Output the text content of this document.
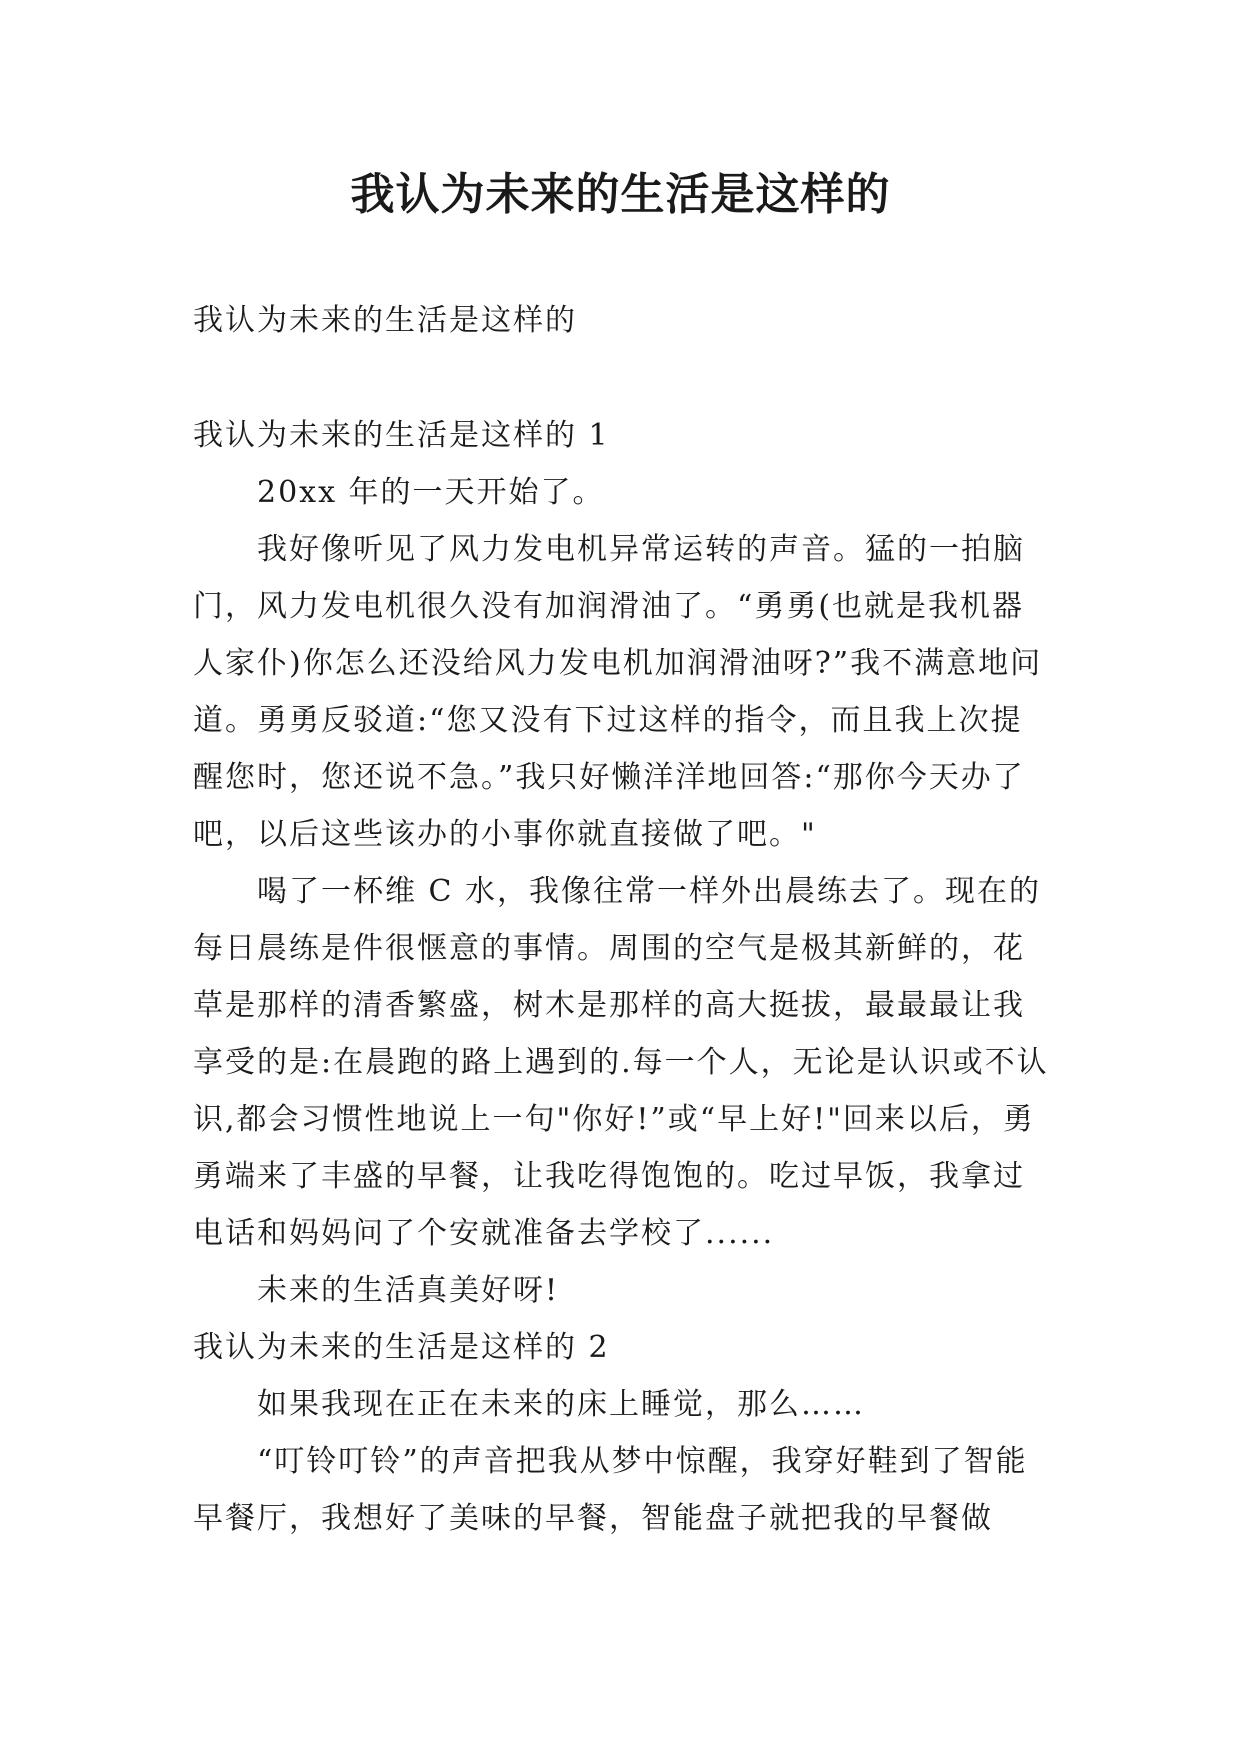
我认为未来的生活是这样的

我认为未来的生活是这样的

我认为未来的生活是这样的 1

20xx 年的一天开始了。

我好像听见了风力发电机异常运转的声音。猛的一拍脑门，风力发电机很久没有加润滑油了。“勇勇(也就是我机器人家仆)你怎么还没给风力发电机加润滑油呀?”我不满意地问道。勇勇反驳道:“您又没有下过这样的指令，而且我上次提醒您时，您还说不急。”我只好懒洋洋地回答:“那你今天办了吧，以后这些该办的小事你就直接做了吧。"

喝了一杯维 C 水，我像往常一样外出晨练去了。现在的每日晨练是件很惬意的事情。周围的空气是极其新鲜的，花草是那样的清香繁盛，树木是那样的高大挺拔，最最最让我享受的是:在晨跑的路上遇到的.每一个人，无论是认识或不认识,都会习惯性地说上一句"你好!”或“早上好!"回来以后，勇勇端来了丰盛的早餐，让我吃得饱饱的。吃过早饭，我拿过电话和妈妈问了个安就准备去学校了......

未来的生活真美好呀!

我认为未来的生活是这样的 2

如果我现在正在未来的床上睡觉，那么……

“叮铃叮铃”的声音把我从梦中惊醒，我穿好鞋到了智能早餐厅，我想好了美味的早餐，智能盘子就把我的早餐做
